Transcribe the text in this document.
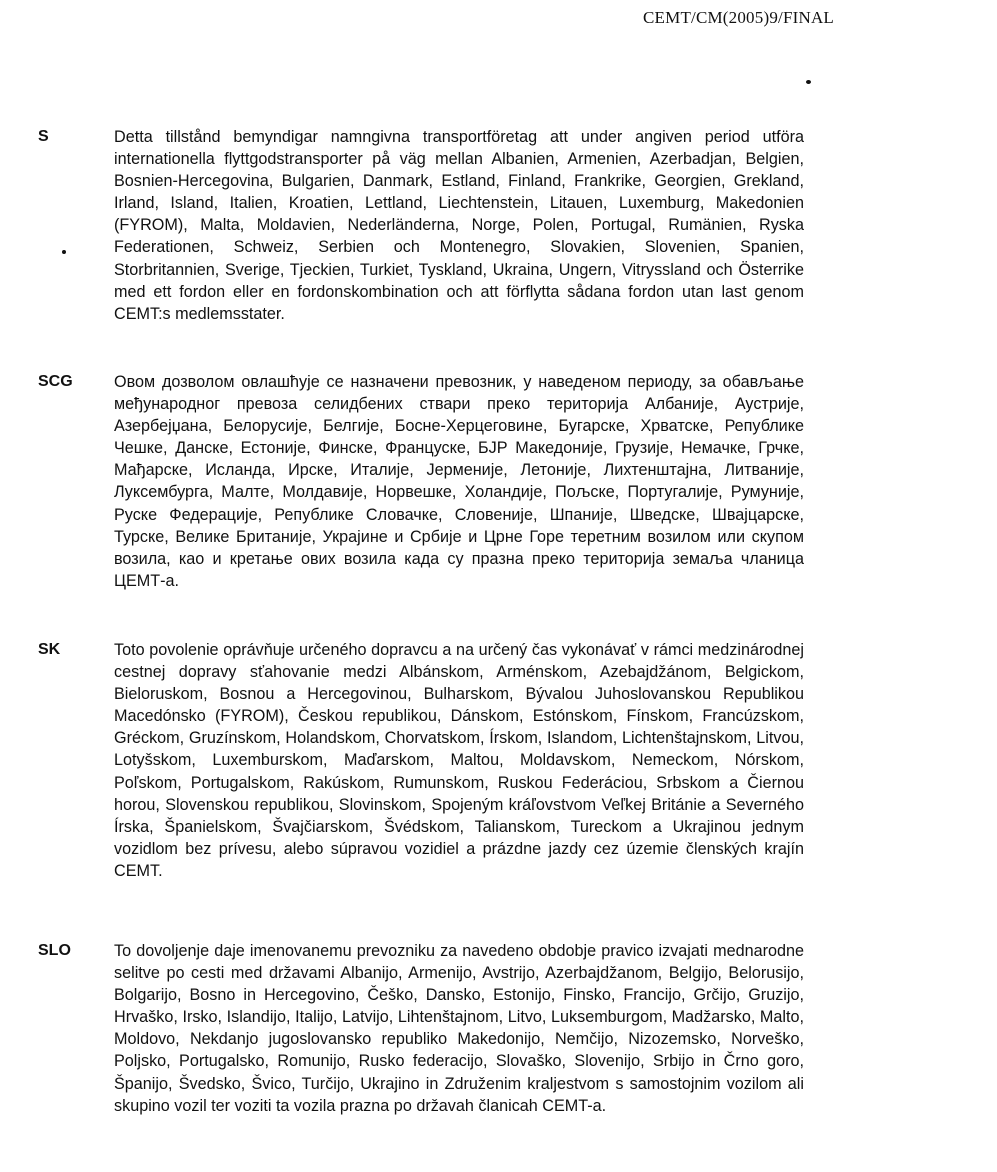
CEMT/CM(2005)9/FINAL
S	Detta tillstånd bemyndigar namngivna transportföretag att under angiven period utföra internationella flyttgodstransporter på väg mellan Albanien, Armenien, Azerbadjan, Belgien, Bosnien-Hercegovina, Bulgarien, Danmark, Estland, Finland, Frankrike, Georgien, Grekland, Irland, Island, Italien, Kroatien, Lettland, Liechtenstein, Litauen, Luxemburg, Makedonien (FYROM), Malta, Moldavien, Nederländerna, Norge, Polen, Portugal, Rumänien, Ryska Federationen, Schweiz, Serbien och Montenegro, Slovakien, Slovenien, Spanien, Storbritannien, Sverige, Tjeckien, Turkiet, Tyskland, Ukraina, Ungern, Vitryssland och Österrike med ett fordon eller en fordonskombination och att förflytta sådana fordon utan last genom CEMT:s medlemsstater.

SCG	Овом дозволом овлашћује се назначени превозник, у наведеном периоду, за обављање међународног превоза селидбених ствари преко територија Албаније, Аустрије, Азербејџана, Белорусије, Белгије, Босне-Херцеговине, Бугарске, Хрватске, Републике Чешке, Данске, Естоније, Финске, Француске, БЈР Македоније, Грузије, Немачке, Грчке, Мађарске, Исланда, Ирске, Италије, Јерменије, Летоније, Лихтенштајна, Литваније, Луксембурга, Малте, Молдавије, Норвешке, Холандије, Пољске, Португалије, Румуније, Руске Федерације, Републике Словачке, Словеније, Шпаније, Шведске, Швајцарске, Турске, Велике Британије, Украјине и Србије и Црне Горе теретним возилом или скупом возила, као и кретање ових возила када су празна преко територија земаља чланица ЦЕМТ-а.

SK	Toto povolenie oprávňuje určeného dopravcu a na určený čas vykonávať v rámci medzinárodnej cestnej dopravy sťahovanie medzi Albánskom, Arménskom, Azebajdžánom, Belgickom, Bieloruskom, Bosnou a Hercegovinou, Bulharskom, Bývalou Juhoslovanskou Republikou Macedónsko (FYROM), Českou republikou, Dánskom, Estónskom, Fínskom, Francúzskom, Gréckom, Gruzínskom, Holandskom, Chorvatskom, Írskom, Islandom, Lichtenštajnskom, Litvou, Lotyšskom, Luxemburskom, Maďarskom, Maltou, Moldavskom, Nemeckom, Nórskom, Poľskom, Portugalskom, Rakúskom, Rumunskom, Ruskou Federáciou, Srbskom a Čiernou horou, Slovenskou republikou, Slovinskom, Spojeným kráľovstvom Veľkej Británie a Severného Írska, Španielskom, Švajčiarskom, Švédskom, Talianskom, Tureckom a Ukrajinou jednym vozidlom bez prívesu, alebo súpravou vozidiel a prázdne jazdy cez územie členských krajín CEMT.

SLO	To dovoljenje daje imenovanemu prevozniku za navedeno obdobje pravico izvajati mednarodne selitve po cesti med državami Albanijo, Armenijo, Avstrijo, Azerbajdžanom, Belgijo, Belorusijo, Bolgarijo, Bosno in Hercegovino, Češko, Dansko, Estonijo, Finsko, Francijo, Grčijo, Gruzijo, Hrvaško, Irsko, Islandijo, Italijo, Latvijo, Lihtenštajnom, Litvo, Luksemburgom, Madžarsko, Malto, Moldovo, Nekdanjo jugoslovansko republiko Makedonijo, Nemčijo, Nizozemsko, Norveško, Poljsko, Portugalsko, Romunijo, Rusko federacijo, Slovaško, Slovenijo, Srbijo in Črno goro, Španijo, Švedsko, Švico, Turčijo, Ukrajino in Združenim kraljestvom s samostojnim vozilom ali skupino vozil ter voziti ta vozila prazna po državah članicah CEMT-a.
